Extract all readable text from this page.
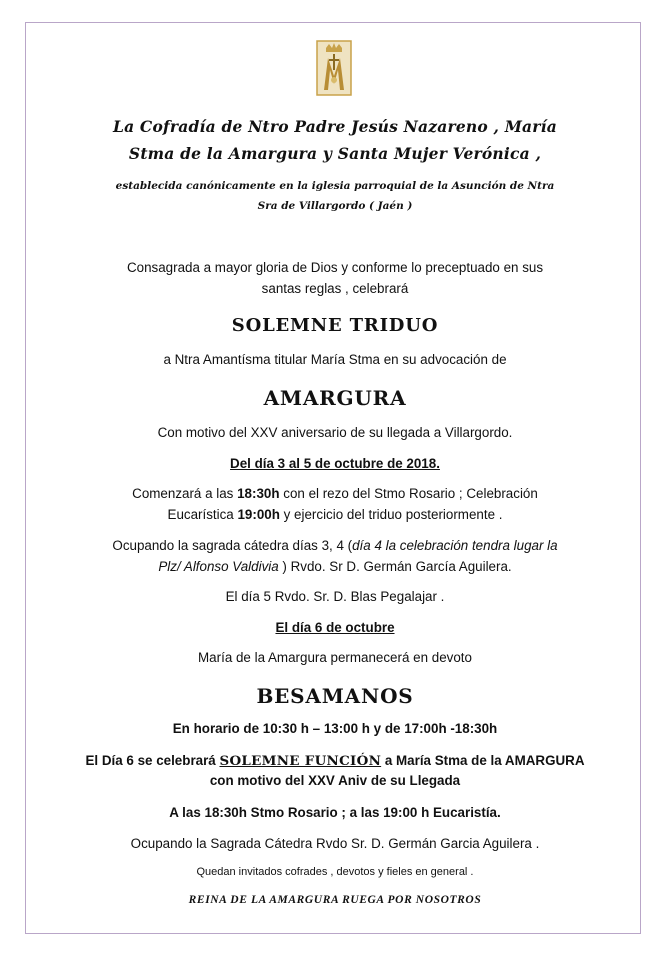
La Cofradía de Ntro Padre Jesús Nazareno , María
Stma de la Amargura y Santa Mujer Verónica ,
establecida canónicamente en la iglesia parroquial de la Asunción de Ntra
Sra de Villargordo ( Jaén )
Consagrada a mayor gloria de Dios y conforme lo preceptuado en sus
santas reglas , celebrará
SOLEMNE TRIDUO
a Ntra Amantísma titular María Stma en su advocación de
AMARGURA
Con motivo del XXV aniversario de su llegada a Villargordo.
Del día 3 al 5 de octubre de 2018.
Comenzará a las 18:30h con el rezo del Stmo Rosario ; Celebración
Eucarística 19:00h y ejercicio del triduo posteriormente .
Ocupando la sagrada cátedra días 3, 4 (día 4 la celebración tendra lugar la
Plz/ Alfonso Valdivia ) Rvdo. Sr D. Germán García Aguilera.
El día 5 Rvdo. Sr. D. Blas Pegalajar .
El día 6 de octubre
María de la Amargura permanecerá en devoto
BESAMANOS
En horario de 10:30 h – 13:00 h y de 17:00h -18:30h
El Día 6 se celebrará SOLEMNE FUNCIÓN a María Stma de la AMARGURA
con motivo del XXV Aniv de su Llegada
A las 18:30h Stmo Rosario ; a las 19:00 h Eucaristía.
Ocupando la Sagrada Cátedra Rvdo Sr. D. Germán Garcia Aguilera .
Quedan invitados cofrades , devotos y fieles en general .
REINA DE LA AMARGURA RUEGA POR NOSOTROS
